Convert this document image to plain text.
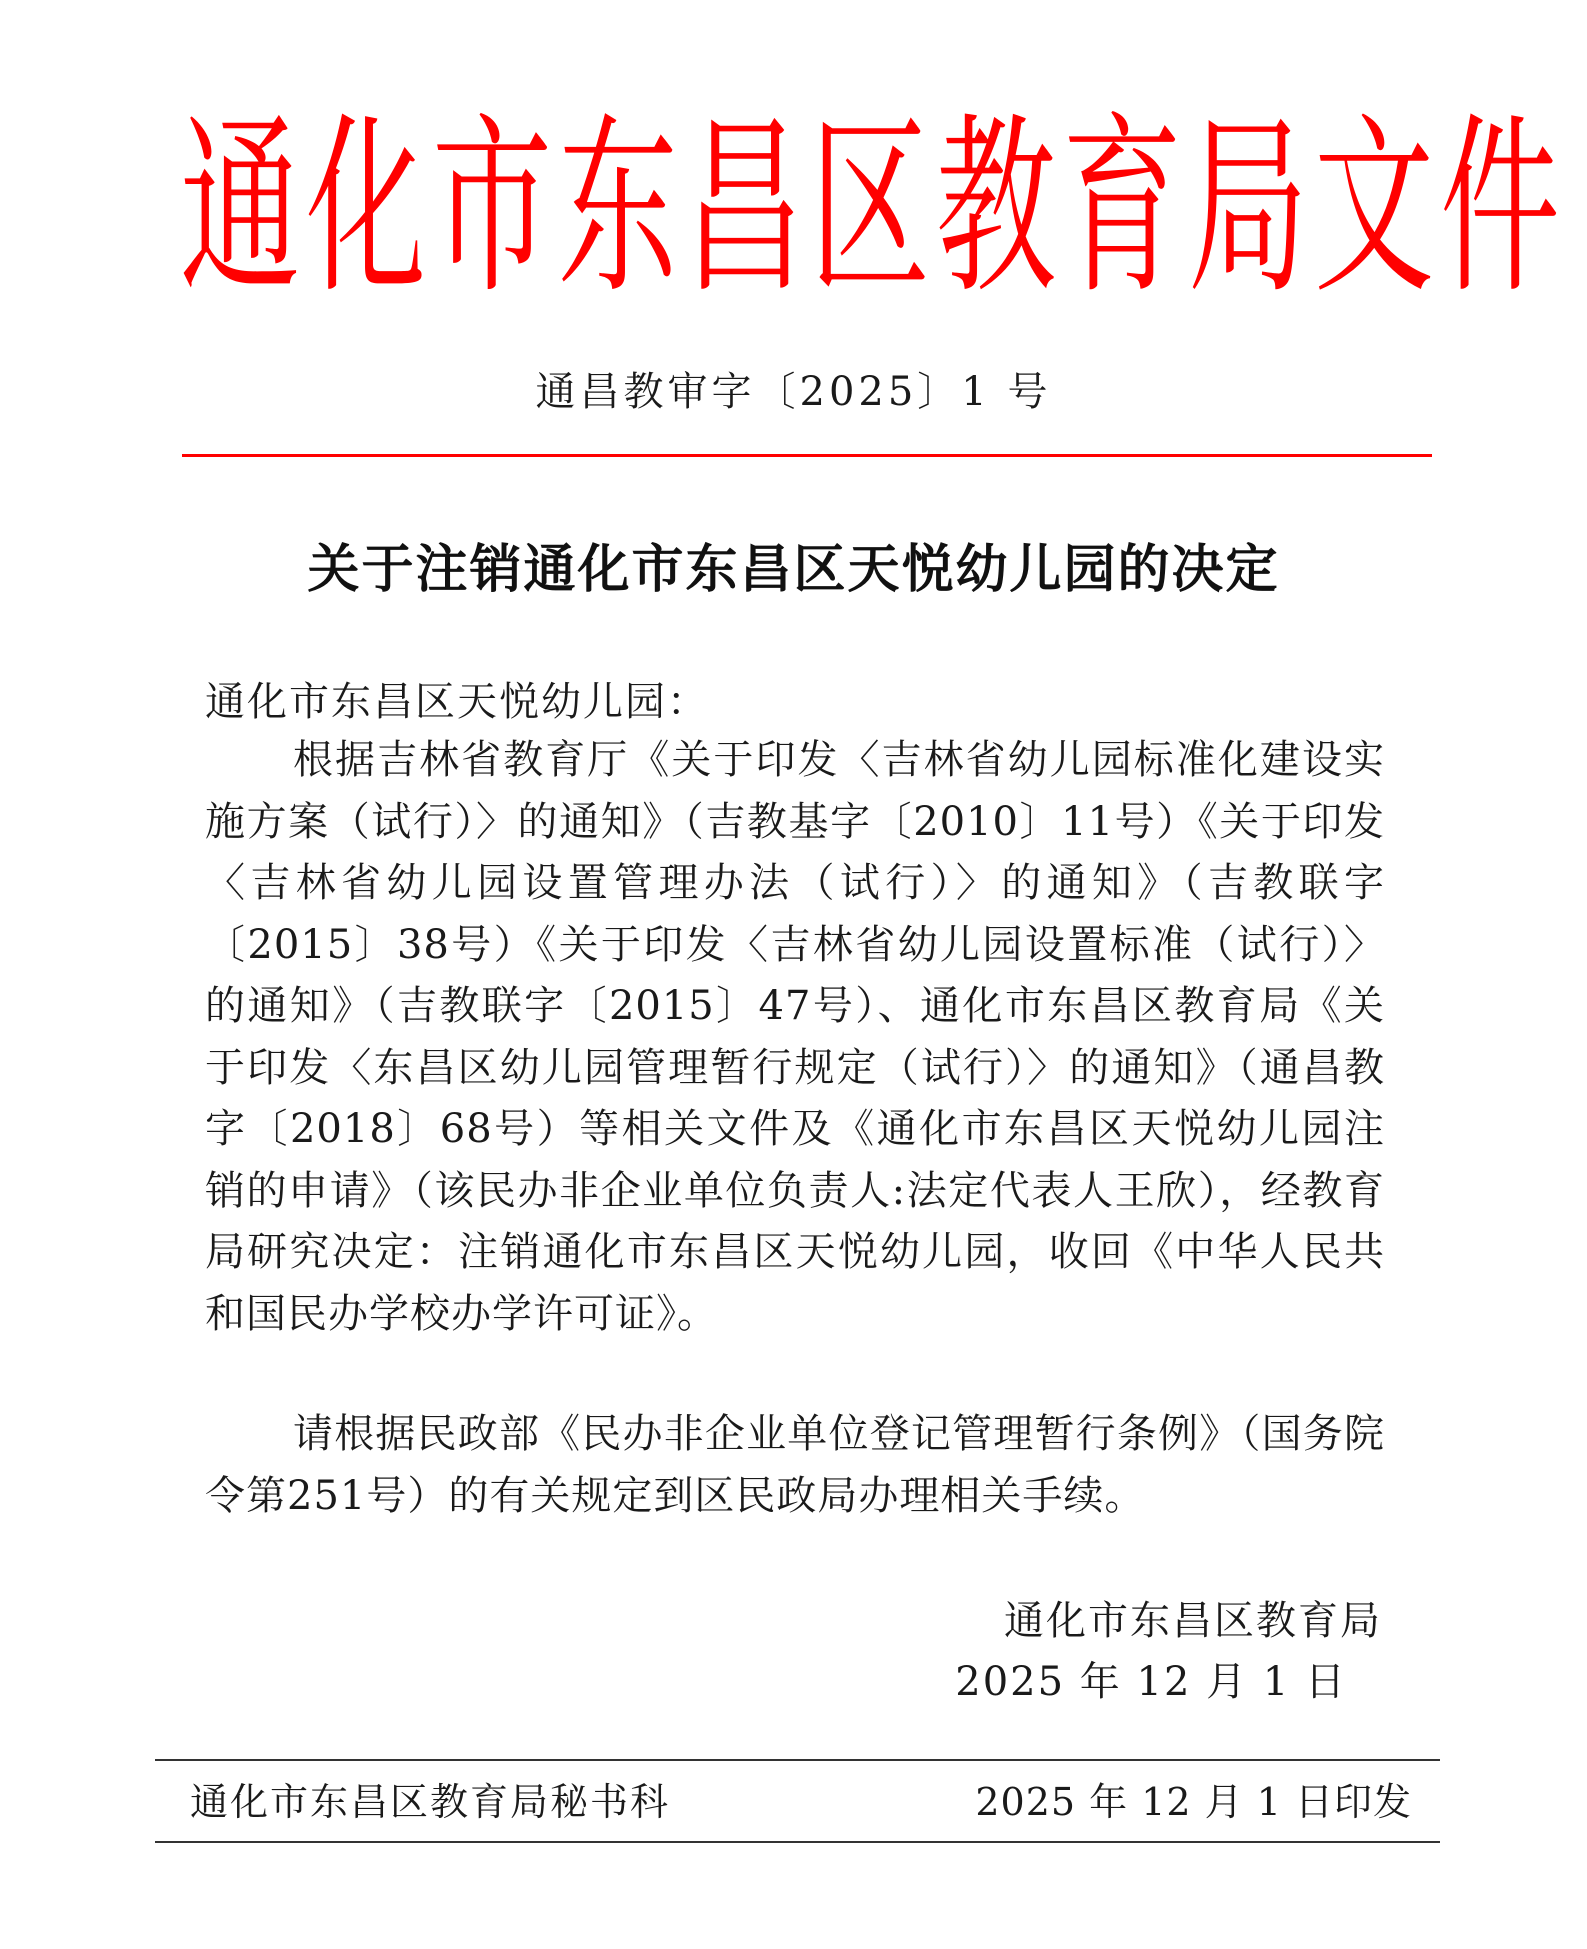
通化市东昌区教育局文件
通昌教审字〔2025〕1 号
关于注销通化市东昌区天悦幼儿园的决定
通化市东昌区天悦幼儿园：
根据吉林省教育厅《关于印发〈吉林省幼儿园标准化建设实施方案（试行）〉的通知》（吉教基字〔2010〕11号）《关于印发〈吉林省幼儿园设置管理办法（试行）〉的通知》（吉教联字〔2015〕38号）《关于印发〈吉林省幼儿园设置标准（试行）〉的通知》（吉教联字〔2015〕47号）、通化市东昌区教育局《关于印发〈东昌区幼儿园管理暂行规定（试行）〉的通知》（通昌教字〔2018〕68号）等相关文件及《通化市东昌区天悦幼儿园注销的申请》（该民办非企业单位负责人:法定代表人王欣），经教育局研究决定：注销通化市东昌区天悦幼儿园，收回《中华人民共和国民办学校办学许可证》。
请根据民政部《民办非企业单位登记管理暂行条例》（国务院令第251号）的有关规定到区民政局办理相关手续。
通化市东昌区教育局
2025 年 12 月 1 日
通化市东昌区教育局秘书科	2025 年 12 月 1 日印发
